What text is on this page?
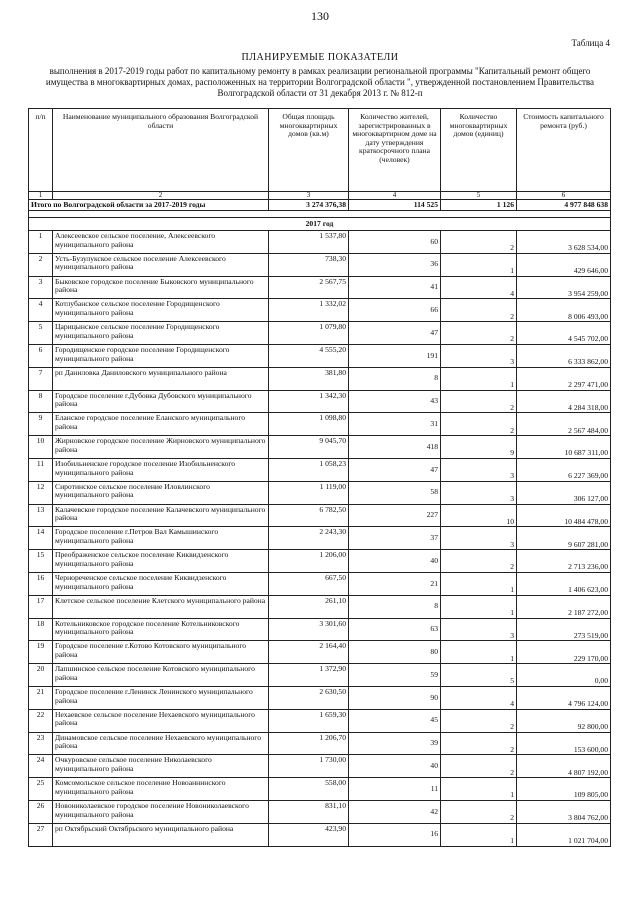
130
Таблица 4
ПЛАНИРУЕМЫЕ ПОКАЗАТЕЛИ
выполнения в 2017-2019 годы работ по капитальному ремонту в рамках реализации региональной программы "Капитальный ремонт общего имущества в многоквартирных домах, расположенных на территории Волгоградской области ", утвержденной постановлением Правительства Волгоградской области от 31 декабря 2013 г. № 812-п
п/п	Наименование муниципального образования Волгоградской области	Общая площадь многоквартирных домов (кв.м)	Количество жителей, зарегистрированных в многоквартирном доме на дату утверждения краткосрочного плана (человек)	Количество многоквартирных домов (единиц)	Стоимость капитального ремонта (руб.)
1	2	3	4	5	6
Итого по Волгоградской области за 2017-2019 годы		3 274 376,38	114 525	1 126	4 977 848 638

2017 год					
1	Алексеевское сельское поселение, Алексеевского муниципального района	1 537,80	60	2	3 628 534,00
2	Усть-Бузулукское сельское поселение Алексеевского муниципального района	738,30	36	1	429 646,00
3	Быковское городское поселение Быковского муниципального района	2 567,75	41	4	3 954 259,00
4	Котлубанское сельское поселение Городищенского муниципального района	1 332,02	66	2	8 006 493,00
5	Царицынское сельское поселение Городищенского муниципального района	1 079,80	47	2	4 545 702,00
6	Городищенское городское поселение Городищенского муниципального района	4 555,20	191	3	6 333 862,00
7	рп Даниловка Даниловского муниципального района	381,80	8	1	2 297 471,00
8	Городское поселение г.Дубовка Дубовского муниципального района	1 342,30	43	2	4 284 318,00
9	Еланское городское поселение Еланского муниципального района	1 098,80	31	2	2 567 484,00
10	Жирновское городское поселение Жирновского муниципального района	9 045,70	418	9	10 687 311,00
11	Изобильненское городское поселение Изобильненского муниципального района	1 058,23	47	3	6 227 369,00
12	Сиротинское сельское поселение Иловлинского муниципального района	1 119,00	58	3	306 127,00
13	Калачевское городское поселение Калачевского муниципального района	6 782,50	227	10	10 484 478,00
14	Городское поселение г.Петров Вал Камышинского муниципального района	2 243,30	37	3	9 607 281,00
15	Преображенское сельское поселение Киквидзенского муниципального района	1 206,00	40	2	2 713 236,00
16	Чернореченское сельское поселение Киквидзенского муниципального района	667,50	21	1	1 406 623,00
17	Клетское сельское поселение Клетского муниципального района	261,10	8	1	2 187 272,00
18	Котельниковское городское поселение Котельниковского муниципального района	3 301,60	63	3	273 519,00
19	Городское поселение г.Котово Котовского муниципального района	2 164,40	80	1	229 170,00
20	Лапшинское сельское поселение Котовского муниципального района	1 372,90	59	5	0,00
21	Городское поселение г.Ленинск Ленинского муниципального района	2 630,50	90	4	4 796 124,00
22	Нехаевское сельское поселение Нехаевского муниципального района	1 659,30	45	2	92 800,00
23	Динамовское сельское поселение Нехаевского муниципального района	1 206,70	39	2	153 600,00
24	Очкуровское сельское поселение Николаевского муниципального района	1 730,00	40	2	4 807 192,00
25	Комсомольское сельское поселение Новоаннинского муниципального района	558,00	11	1	109 805,00
26	Новониколаевское городское поселение Новониколаевского муниципального района	831,10	42	2	3 804 762,00
27	рп Октябрьский Октябрьского муниципального района	423,90	16	1	1 021 704,00
